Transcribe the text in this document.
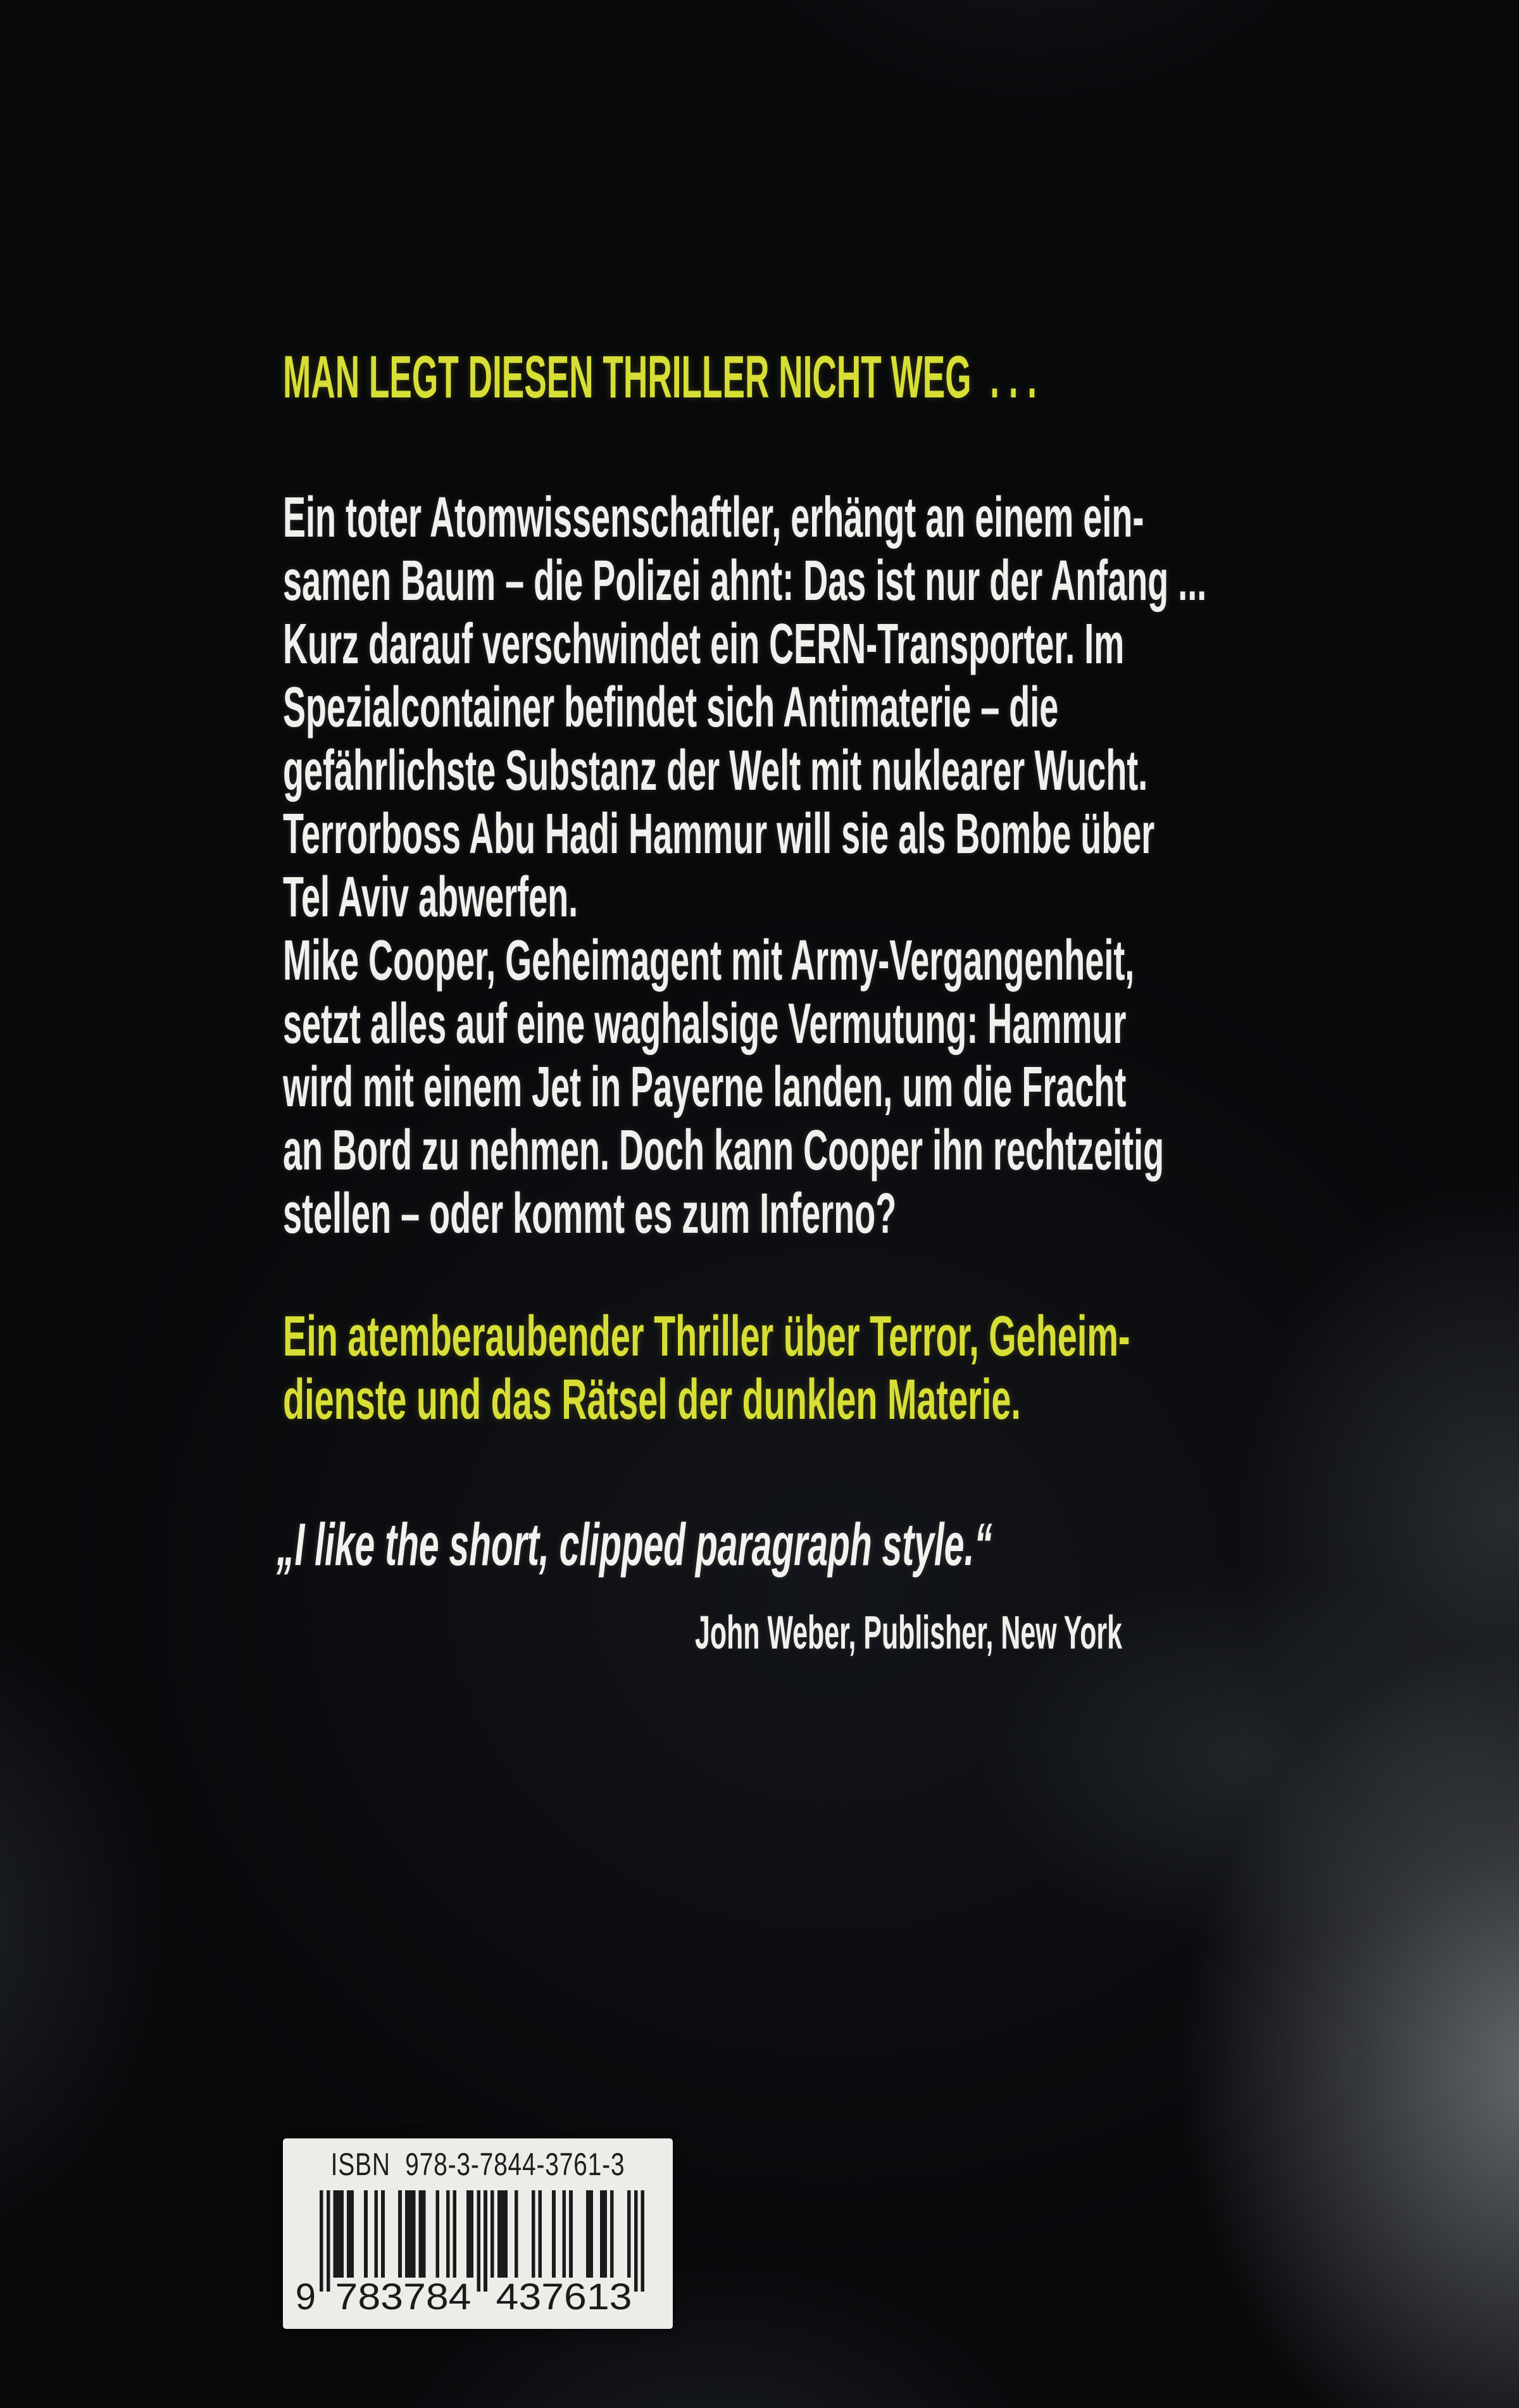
MAN LEGT DIESEN THRILLER NICHT WEG  . . .
Ein toter Atomwissenschaftler, erhängt an einem ein-
samen Baum – die Polizei ahnt: Das ist nur der Anfang ...
Kurz darauf verschwindet ein CERN-Transporter. Im
Spezialcontainer befindet sich Antimaterie – die
gefährlichste Substanz der Welt mit nuklearer Wucht.
Terrorboss Abu Hadi Hammur will sie als Bombe über
Tel Aviv abwerfen.
Mike Cooper, Geheimagent mit Army-Vergangenheit,
setzt alles auf eine waghalsige Vermutung: Hammur
wird mit einem Jet in Payerne landen, um die Fracht
an Bord zu nehmen. Doch kann Cooper ihn rechtzeitig
stellen – oder kommt es zum Inferno?
Ein atemberaubender Thriller über Terror, Geheim-
dienste und das Rätsel der dunklen Materie.
„I like the short, clipped paragraph style.“
John Weber, Publisher, New York
ISBN 978-3-7844-3761-3
9 783784 437613
